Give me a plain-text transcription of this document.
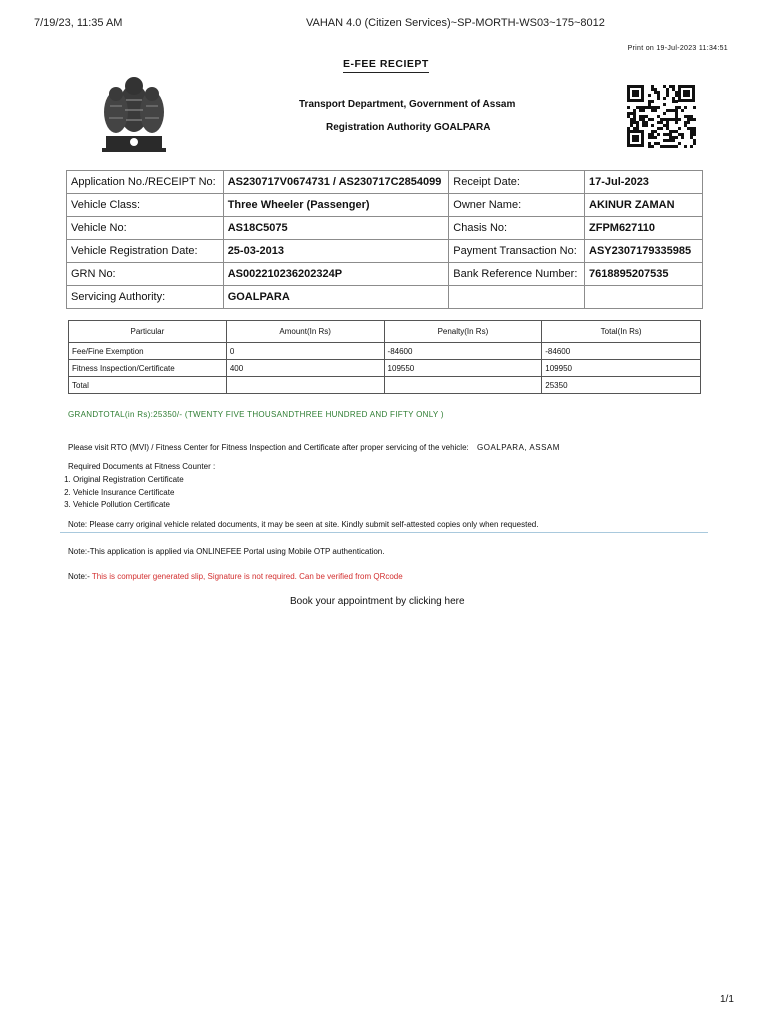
7/19/23, 11:35 AM	VAHAN 4.0 (Citizen Services)~SP-MORTH-WS03~175~8012
Print on 19-Jul-2023 11:34:51
E-FEE RECIEPT
Transport Department, Government of Assam
Registration Authority GOALPARA
Application No./RECEIPT No:	AS230717V0674731 / AS230717C2854099	Receipt Date:	17-Jul-2023
Vehicle Class:	Three Wheeler (Passenger)	Owner Name:	AKINUR ZAMAN
Vehicle No:	AS18C5075	Chasis No:	ZFPM627110
Vehicle Registration Date:	25-03-2013	Payment Transaction No:	ASY2307179335985
GRN No:	AS002210236202324P	Bank Reference Number:	7618895207535
Servicing Authority:	GOALPARA		
Particular	Amount(In Rs)	Penalty(In Rs)	Total(In Rs)
Fee/Fine Exemption	0	-84600	-84600
Fitness Inspection/Certificate	400	109550	109950
Total			25350
GRANDTOTAL(in Rs):25350/- (TWENTY FIVE THOUSANDTHREE HUNDRED AND FIFTY ONLY )
Please visit RTO (MVI) / Fitness Center for Fitness Inspection and Certificate after proper servicing of the vehicle: GOALPARA, ASSAM
Required Documents at Fitness Counter :
1. Original Registration Certificate
2. Vehicle Insurance Certificate
3. Vehicle Pollution Certificate
Note: Please carry original vehicle related documents, it may be seen at site. Kindly submit self-attested copies only when requested.
Note:-This application is applied via ONLINEFEE Portal using Mobile OTP authentication.
Note:- This is computer generated slip, Signature is not required. Can be verified from QRcode
Book your appointment by clicking here
1/1
